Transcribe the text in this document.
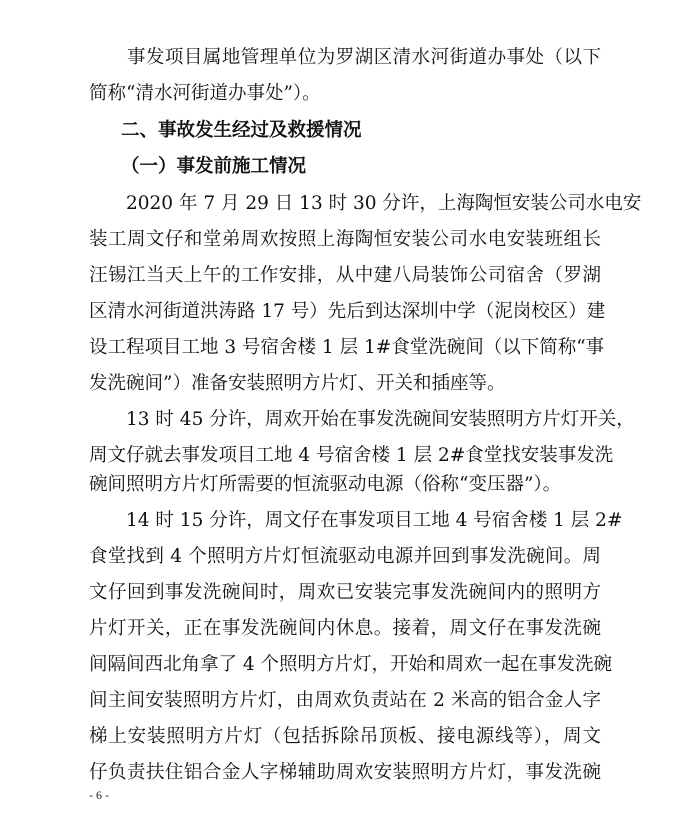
　　事发项目属地管理单位为罗湖区清水河街道办事处（以下
简称“清水河街道办事处”）。
二、事故发生经过及救援情况
（一）事发前施工情况
　　2020 年 7 月 29 日 13 时 30 分许，上海陶恒安装公司水电安
装工周文仔和堂弟周欢按照上海陶恒安装公司水电安装班组长
汪锡江当天上午的工作安排，从中建八局装饰公司宿舍（罗湖
区清水河街道洪涛路 17 号）先后到达深圳中学（泥岗校区）建
设工程项目工地 3 号宿舍楼 1 层 1#食堂洗碗间（以下简称“事
发洗碗间”）准备安装照明方片灯、开关和插座等。
　　13 时 45 分许，周欢开始在事发洗碗间安装照明方片灯开关，
周文仔就去事发项目工地 4 号宿舍楼 1 层 2#食堂找安装事发洗
碗间照明方片灯所需要的恒流驱动电源（俗称“变压器”）。
- 6 -
　　14 时 15 分许，周文仔在事发项目工地 4 号宿舍楼 1 层 2#
食堂找到 4 个照明方片灯恒流驱动电源并回到事发洗碗间。周
文仔回到事发洗碗间时，周欢已安装完事发洗碗间内的照明方
片灯开关，正在事发洗碗间内休息。接着，周文仔在事发洗碗
间隔间西北角拿了 4 个照明方片灯，开始和周欢一起在事发洗碗
间主间安装照明方片灯，由周欢负责站在 2 米高的铝合金人字
梯上安装照明方片灯（包括拆除吊顶板、接电源线等），周文
仔负责扶住铝合金人字梯辅助周欢安装照明方片灯，事发洗碗
